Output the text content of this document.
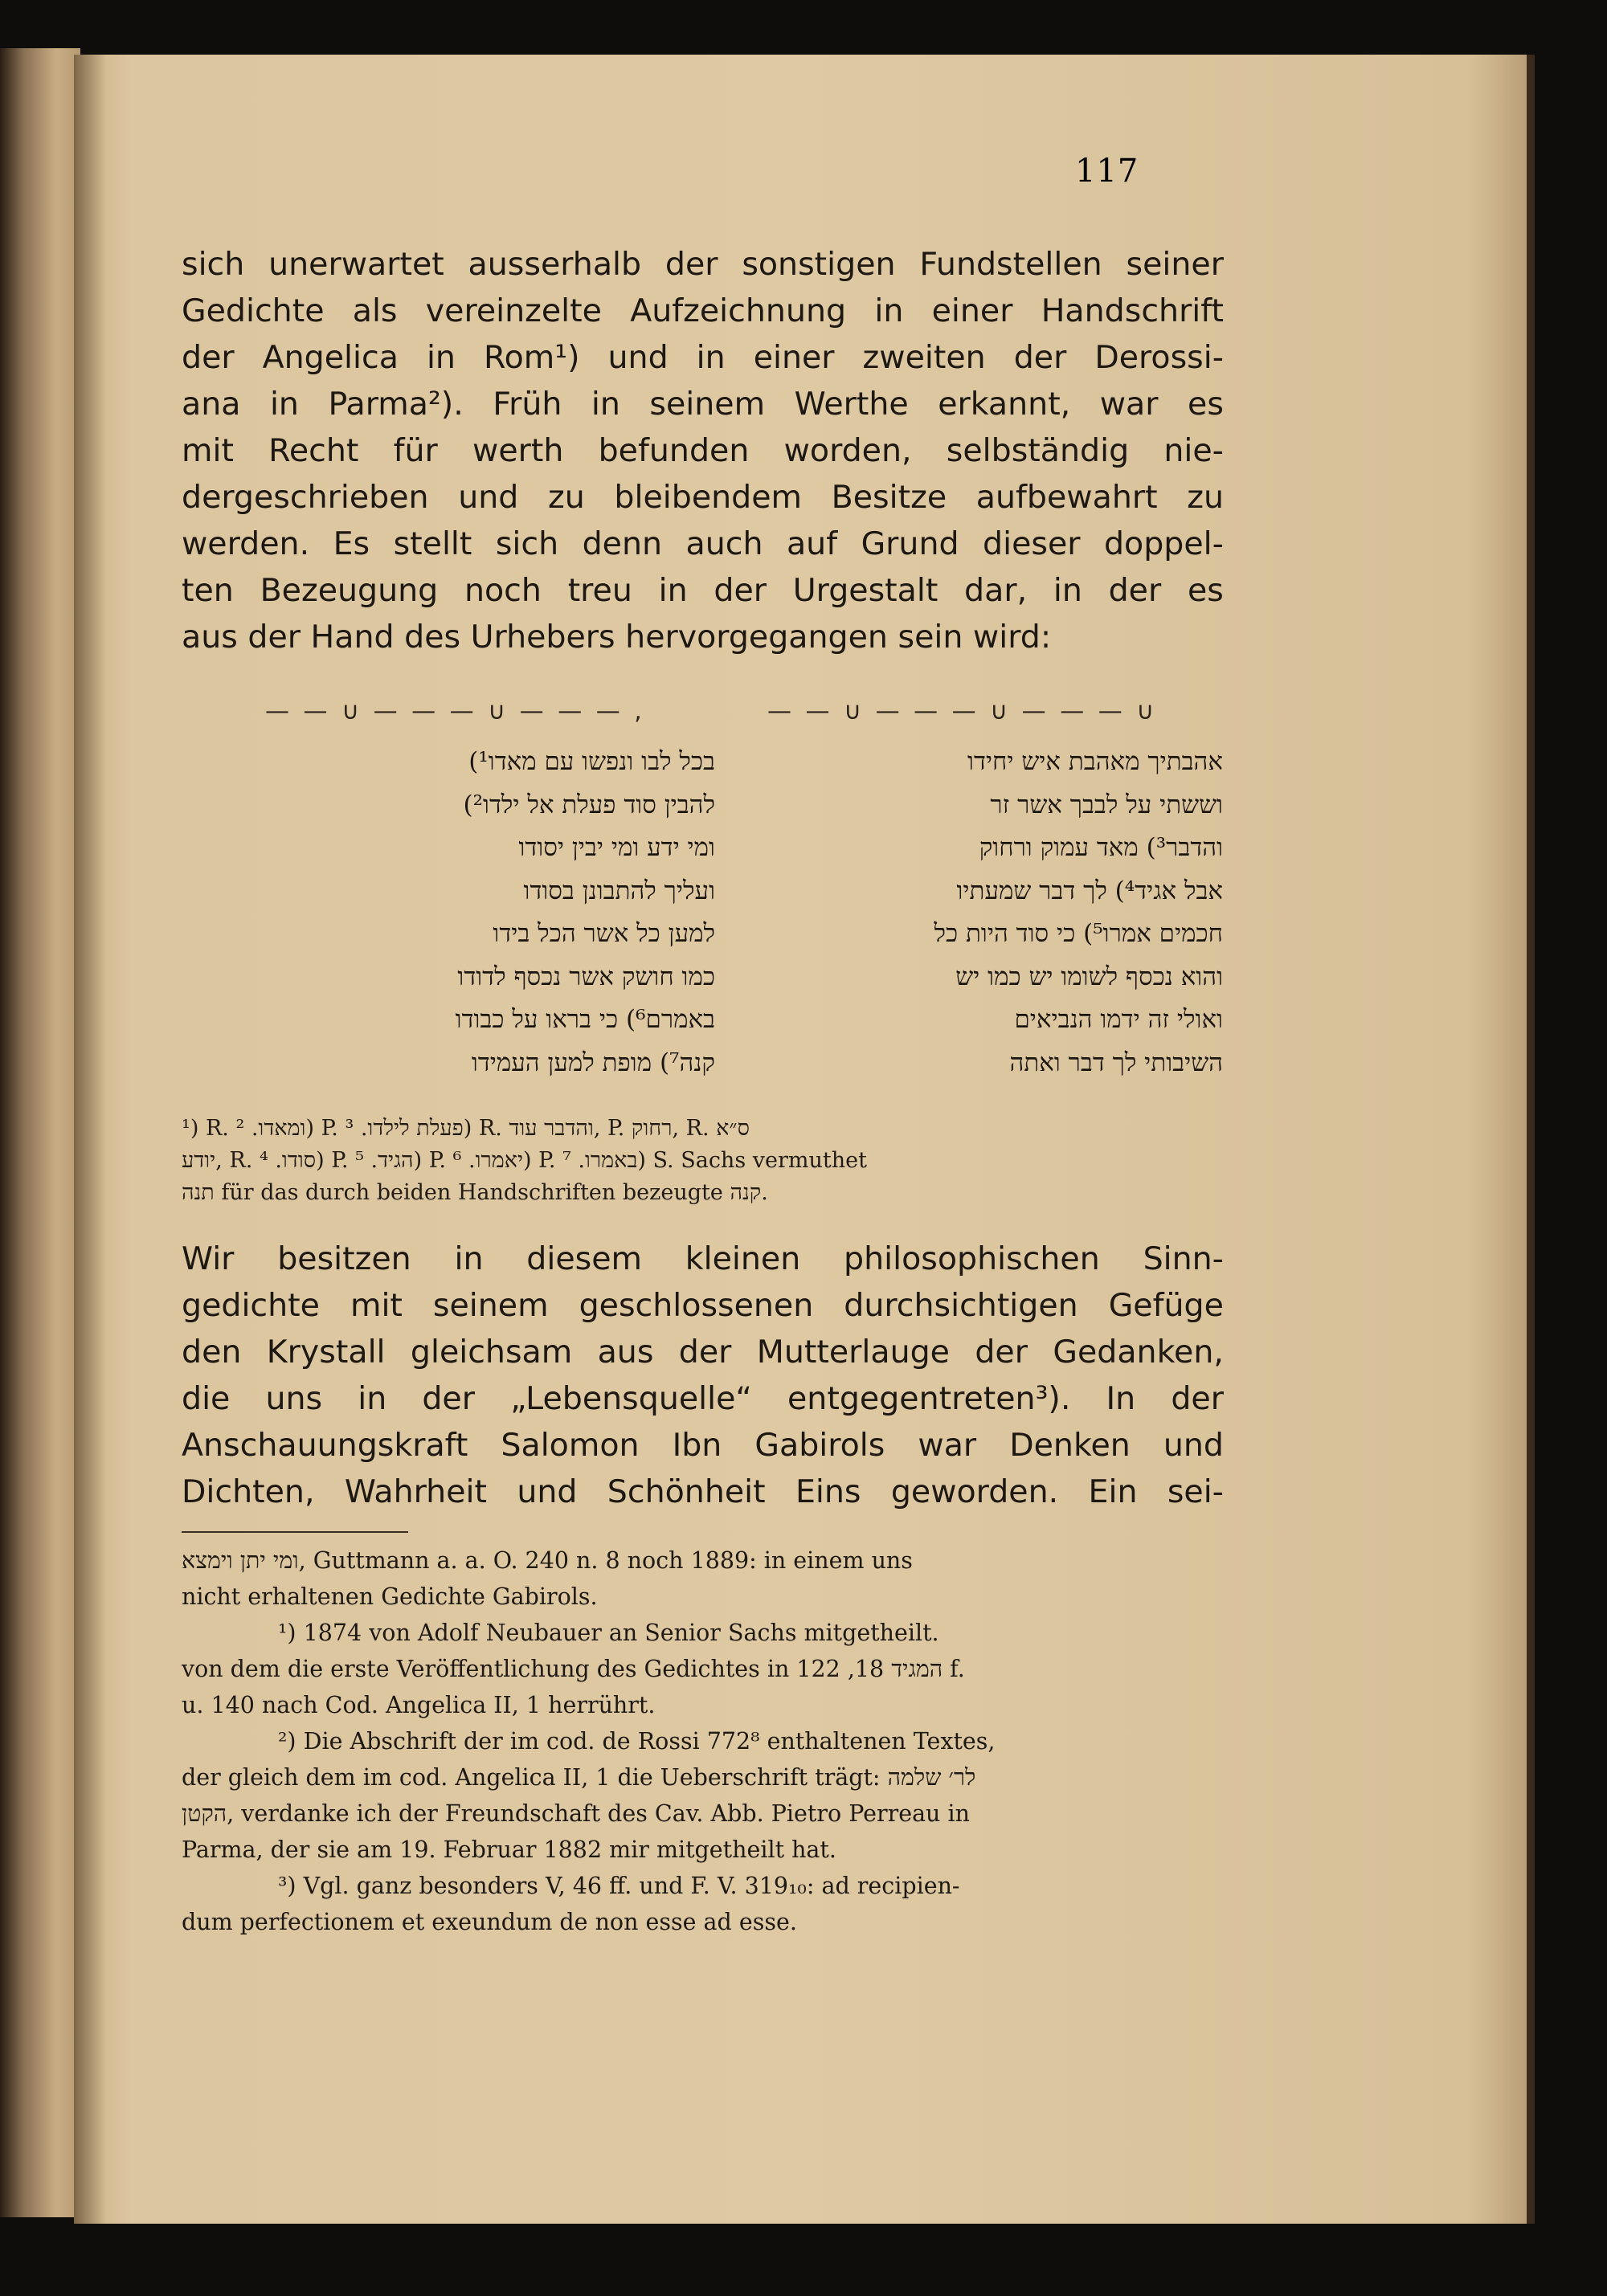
117
sich unerwartet ausserhalb der sonstigen Fundstellen seiner
Gedichte als vereinzelte Aufzeichnung in einer Handschrift
der Angelica in Rom¹) und in einer zweiten der Derossi-
ana in Parma²). Früh in seinem Werthe erkannt, war es
mit Recht für werth befunden worden, selbständig nie-
dergeschrieben und zu bleibendem Besitze aufbewahrt zu
werden. Es stellt sich denn auch auf Grund dieser doppel-
ten Bezeugung noch treu in der Urgestalt dar, in der es
aus der Hand des Urhebers hervorgegangen sein wird:
— — ∪ — — — ∪ — — — ,	— — ∪ — — — ∪ — — — ∪
אהבתיך מאהבת איש יחידו
וששתי על לבבך אשר זר
והדבר³) מאד עמוק ורחוק
אבל אגיד⁴) לך דבר שמעתיו
חכמים אמרו⁵) כי סוד היות כל
והוא נכסף לשומו יש כמו יש
ואולי זה ידמו הנביאים
השיבותי לך דבר ואתה
בכל לבו ונפשו עם מאדו¹)
להבין סוד פעלת אל ילדו²)
ומי ידע ומי יבין יסודו
ועליך להתבונן בסודו
למען כל אשר הכל בידו
כמו חושק אשר נכסף לדודו
באמרם⁶) כי בראו על כבודו
קנה⁷) מופת למען העמידו
¹) R. ומאדו. ²) P. פעלת לילדו. ³) R. והדבר עוד, P. רחוק, R. ס״א
יודע, R. סודו. ⁴) P. הגיד. ⁵) P. יאמרו. ⁶) P. באמרו. ⁷) S. Sachs vermuthet
תנה für das durch beiden Handschriften bezeugte קנה.
Wir besitzen in diesem kleinen philosophischen Sinn-
gedichte mit seinem geschlossenen durchsichtigen Gefüge
den Krystall gleichsam aus der Mutterlauge der Gedanken,
die uns in der „Lebensquelle“ entgegentreten³). In der
Anschauungskraft Salomon Ibn Gabirols war Denken und
Dichten, Wahrheit und Schönheit Eins geworden. Ein sei-
ומי יתן וימצא, Guttmann a. a. O. 240 n. 8 noch 1889: in einem uns
nicht erhaltenen Gedichte Gabirols.
¹) 1874 von Adolf Neubauer an Senior Sachs mitgetheilt.
von dem die erste Veröffentlichung des Gedichtes in המגיד 18, 122 f.
u. 140 nach Cod. Angelica II, 1 herrührt.
²) Die Abschrift der im cod. de Rossi 772⁸ enthaltenen Textes,
der gleich dem im cod. Angelica II, 1 die Ueberschrift trägt: לר׳ שלמה
הקטן, verdanke ich der Freundschaft des Cav. Abb. Pietro Perreau in
Parma, der sie am 19. Februar 1882 mir mitgetheilt hat.
³) Vgl. ganz besonders V, 46 ff. und F. V. 319₁₀: ad recipien-
dum perfectionem et exeundum de non esse ad esse.
